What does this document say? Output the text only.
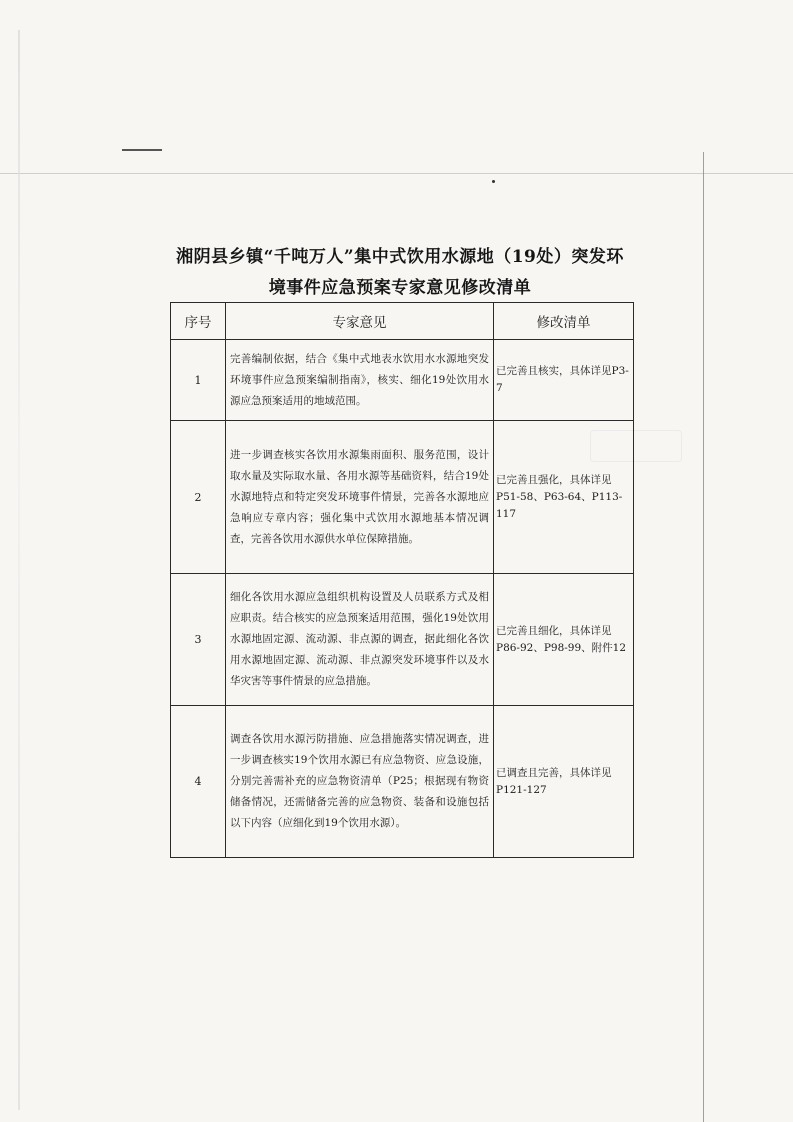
湘阴县乡镇“千吨万人”集中式饮用水源地（19处）突发环
境事件应急预案专家意见修改清单
序号	专家意见	修改清单
1	完善编制依据，结合《集中式地表水饮用水水源地突发环境事件应急预案编制指南》，核实、细化19处饮用水源应急预案适用的地域范围。	已完善且核实，具体详见P3-7
2	进一步调查核实各饮用水源集雨面积、服务范围，设计取水量及实际取水量、各用水源等基础资料，结合19处水源地特点和特定突发环境事件情景，完善各水源地应急响应专章内容；强化集中式饮用水源地基本情况调查，完善各饮用水源供水单位保障措施。	已完善且强化，具体详见P51-58、P63-64、P113-117
3	细化各饮用水源应急组织机构设置及人员联系方式及相应职责。结合核实的应急预案适用范围，强化19处饮用水源地固定源、流动源、非点源的调查，据此细化各饮用水源地固定源、流动源、非点源突发环境事件以及水华灾害等事件情景的应急措施。	已完善且细化，具体详见P86-92、P98-99、附件12
4	调查各饮用水源污防措施、应急措施落实情况调查，进一步调查核实19个饮用水源已有应急物资、应急设施，分别完善需补充的应急物资清单（P25；根据现有物资储备情况，还需储备完善的应急物资、装备和设施包括以下内容（应细化到19个饮用水源）。	已调查且完善，具体详见P121-127
